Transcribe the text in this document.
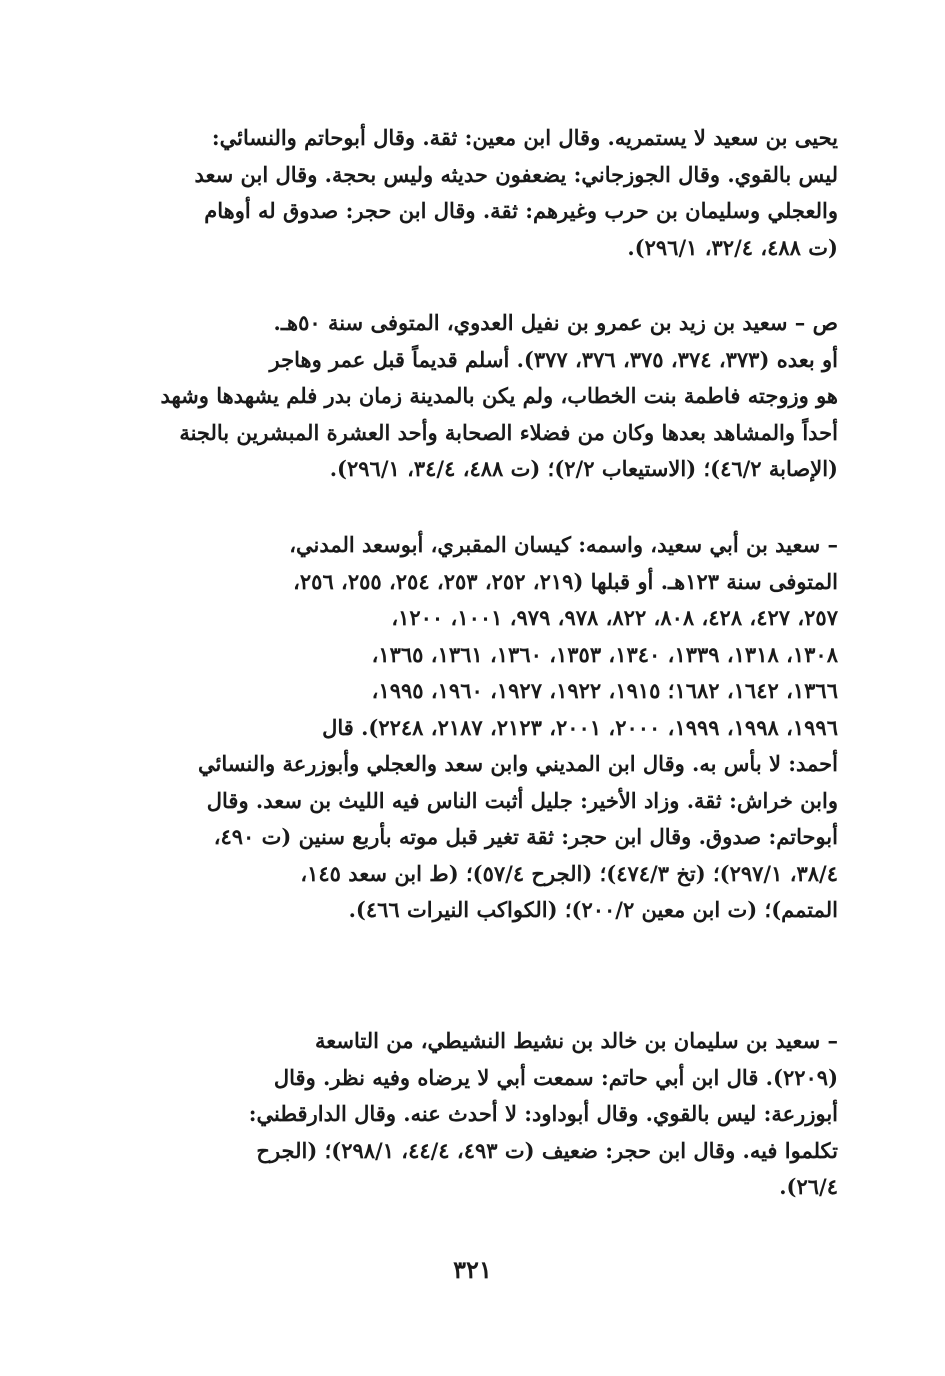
يحيى بن سعيد لا يستمريه. وقال ابن معين: ثقة. وقال أبوحاتم والنسائي:
ليس بالقوي. وقال الجوزجاني: يضعفون حديثه وليس بحجة. وقال ابن سعد
والعجلي وسليمان بن حرب وغيرهم: ثقة. وقال ابن حجر: صدوق له أوهام
(ت ٤٨٨، ٣٢/٤، ٢٩٦/١).
ص – سعيد بن زيد بن عمرو بن نفيل العدوي، المتوفى سنة ٥٠هـ.
أو بعده (٣٧٣، ٣٧٤، ٣٧٥، ٣٧٦، ٣٧٧). أسلم قديماً قبل عمر وهاجر
هو وزوجته فاطمة بنت الخطاب، ولم يكن بالمدينة زمان بدر فلم يشهدها وشهد
أحداً والمشاهد بعدها وكان من فضلاء الصحابة وأحد العشرة المبشرين بالجنة
(الإصابة ٤٦/٢)؛ (الاستيعاب ٢/٢)؛ (ت ٤٨٨، ٣٤/٤، ٢٩٦/١).
– سعيد بن أبي سعيد، واسمه: كيسان المقبري، أبوسعد المدني،
المتوفى سنة ١٢٣هـ. أو قبلها (٢١٩، ٢٥٢، ٢٥٣، ٢٥٤، ٢٥٥، ٢٥٦،
٢٥٧، ٤٢٧، ٤٢٨، ٨٠٨، ٨٢٢، ٩٧٨، ٩٧٩، ١٠٠١، ١٢٠٠،
١٣٠٨، ١٣١٨، ١٣٣٩، ١٣٤٠، ١٣٥٣، ١٣٦٠، ١٣٦١، ١٣٦٥،
١٣٦٦، ١٦٤٢، ١٦٨٢؛ ١٩١٥، ١٩٢٢، ١٩٢٧، ١٩٦٠، ١٩٩٥،
١٩٩٦، ١٩٩٨، ١٩٩٩، ٢٠٠٠، ٢٠٠١، ٢١٢٣، ٢١٨٧، ٢٢٤٨). قال
أحمد: لا بأس به. وقال ابن المديني وابن سعد والعجلي وأبوزرعة والنسائي
وابن خراش: ثقة. وزاد الأخير: جليل أثبت الناس فيه الليث بن سعد. وقال
أبوحاتم: صدوق. وقال ابن حجر: ثقة تغير قبل موته بأربع سنين (ت ٤٩٠،
٣٨/٤، ٢٩٧/١)؛ (تخ ٤٧٤/٣)؛ (الجرح ٥٧/٤)؛ (ط ابن سعد ١٤٥،
المتمم)؛ (ت ابن معين ٢٠٠/٢)؛ (الكواكب النيرات ٤٦٦).
– سعيد بن سليمان بن خالد بن نشيط النشيطي، من التاسعة
(٢٢٠٩). قال ابن أبي حاتم: سمعت أبي لا يرضاه وفيه نظر. وقال
أبوزرعة: ليس بالقوي. وقال أبوداود: لا أحدث عنه. وقال الدارقطني:
تكلموا فيه. وقال ابن حجر: ضعيف (ت ٤٩٣، ٤٤/٤، ٢٩٨/١)؛ (الجرح
٢٦/٤).
٣٢١
